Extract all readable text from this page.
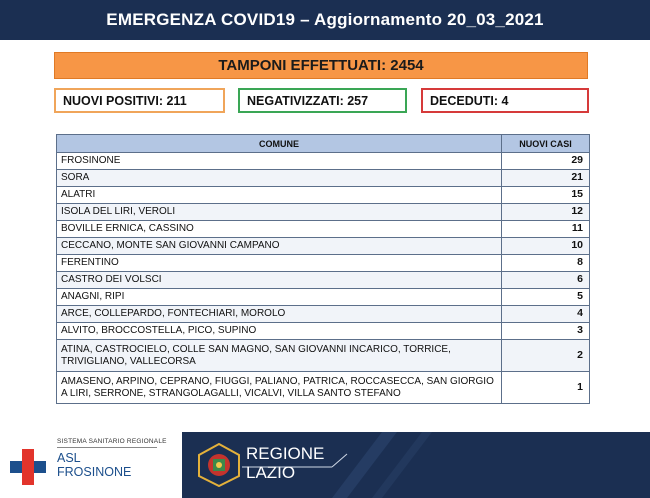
EMERGENZA COVID19 – Aggiornamento 20_03_2021
TAMPONI EFFETTUATI: 2454
NUOVI POSITIVI: 211	NEGATIVIZZATI: 257	DECEDUTI: 4
COMUNE	NUOVI CASI
FROSINONE	29
SORA	21
ALATRI	15
ISOLA DEL LIRI, VEROLI	12
BOVILLE ERNICA, CASSINO	11
CECCANO, MONTE SAN GIOVANNI CAMPANO	10
FERENTINO	8
CASTRO DEI VOLSCI	6
ANAGNI, RIPI	5
ARCE, COLLEPARDO, FONTECHIARI, MOROLO	4
ALVITO, BROCCOSTELLA, PICO, SUPINO	3
ATINA, CASTROCIELO, COLLE SAN MAGNO, SAN GIOVANNI INCARICO, TORRICE, TRIVIGLIANO, VALLECORSA	2
AMASENO, ARPINO, CEPRANO, FIUGGI, PALIANO, PATRICA, ROCCASECCA, SAN GIORGIO A LIRI, SERRONE, STRANGOLAGALLI, VICALVI, VILLA SANTO STEFANO	1
SISTEMA SANITARIO REGIONALE
ASL
FROSINONE
REGIONE
LAZIO
